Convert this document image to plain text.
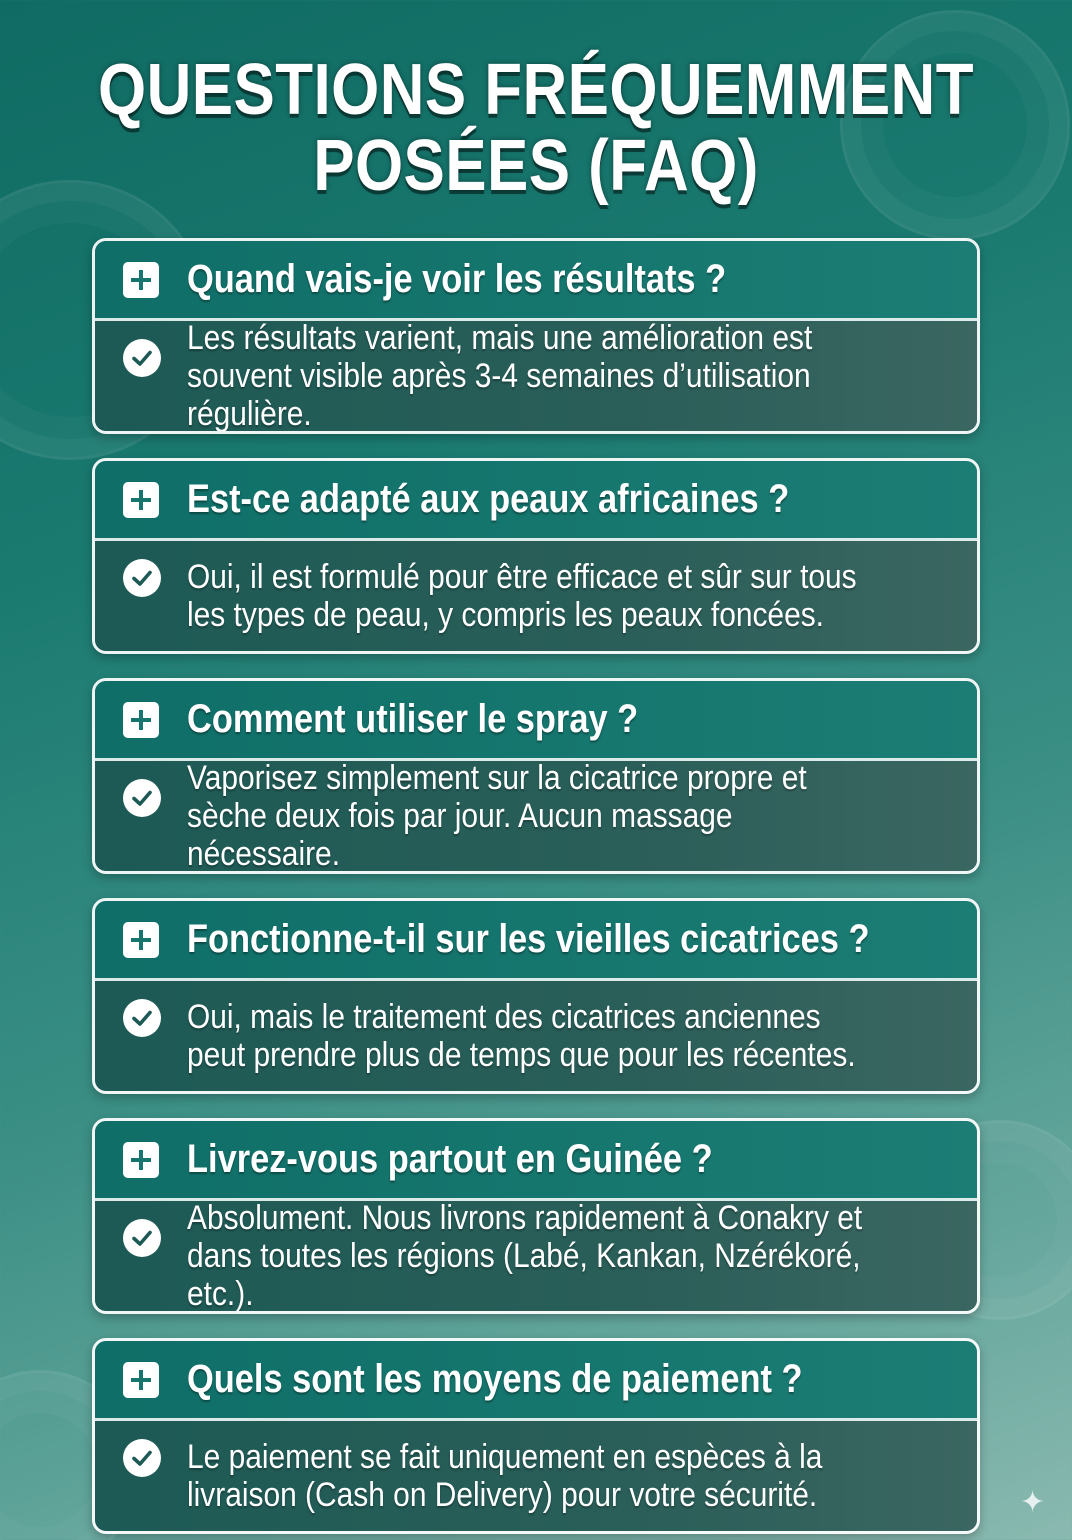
QUESTIONS FRÉQUEMMENT
POSÉES (FAQ)
Quand vais-je voir les résultats ?
Les résultats varient, mais une amélioration est souvent visible après 3-4 semaines d’utilisation régulière.
Est-ce adapté aux peaux africaines ?
Oui, il est formulé pour être efficace et sûr sur tous les types de peau, y compris les peaux foncées.
Comment utiliser le spray ?
Vaporisez simplement sur la cicatrice propre et sèche deux fois par jour. Aucun massage nécessaire.
Fonctionne-t-il sur les vieilles cicatrices ?
Oui, mais le traitement des cicatrices anciennes peut prendre plus de temps que pour les récentes.
Livrez-vous partout en Guinée ?
Absolument. Nous livrons rapidement à Conakry et dans toutes les régions (Labé, Kankan, Nzérékoré, etc.).
Quels sont les moyens de paiement ?
Le paiement se fait uniquement en espèces à la livraison (Cash on Delivery) pour votre sécurité.	✦
